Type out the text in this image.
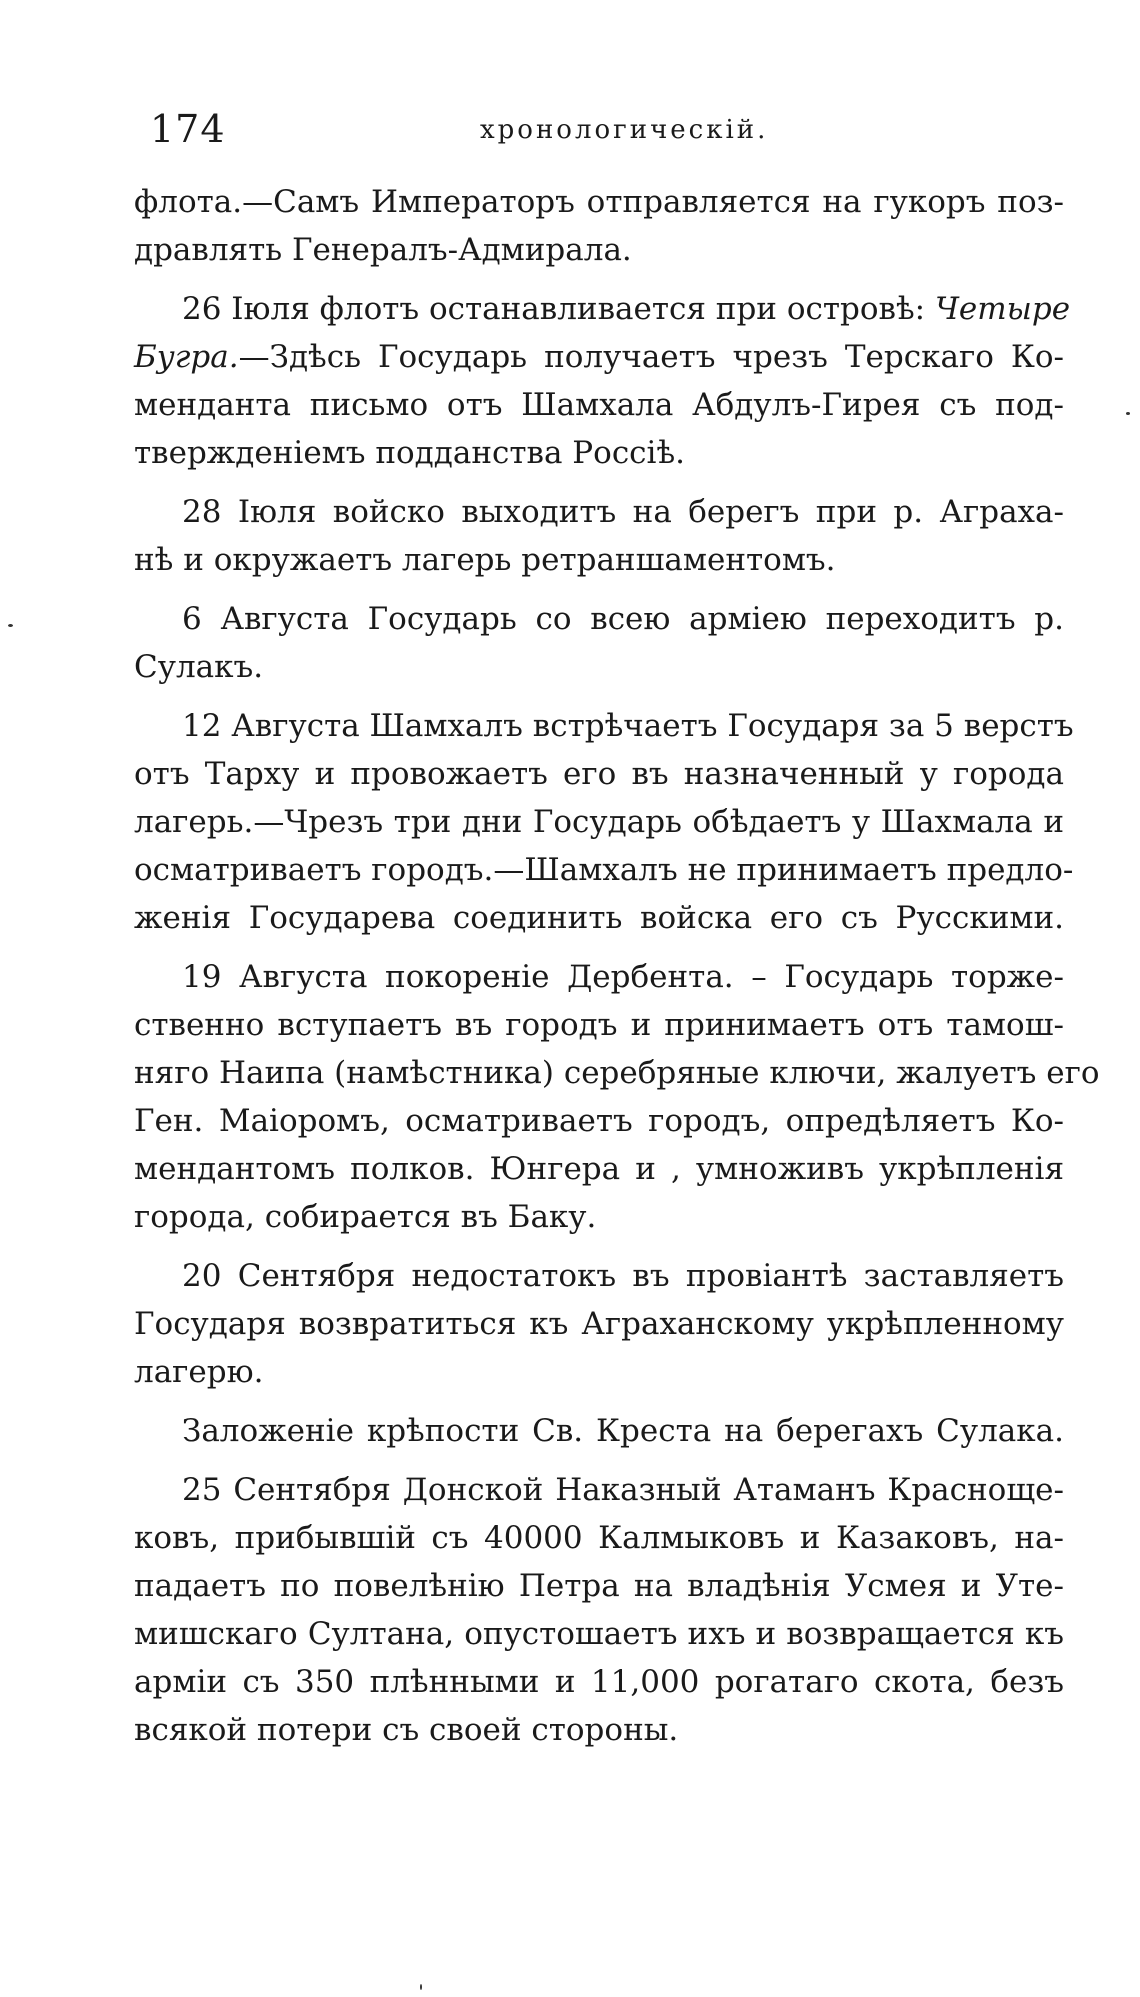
174	хронологическій.
флота.—Самъ Императоръ отправляется на гукоръ поз-
дравлять Генералъ-Адмирала.
26 Іюля флотъ останавливается при островѣ: Четыре
Бугра.—Здѣсь Государь получаетъ чрезъ Терскаго Ко-
менданта письмо отъ Шамхала Абдулъ-Гирея съ под-
твержденіемъ подданства Россіѣ.
28 Іюля войско выходитъ на берегъ при р. Аграха-
нѣ и окружаетъ лагерь ретраншаментомъ.
6 Августа Государь со всею арміею переходитъ р.
Сулакъ.
12 Августа Шамхалъ встрѣчаетъ Государя за 5 верстъ
отъ Тарху и провожаетъ его въ назначенный у города
лагерь.—Чрезъ три дни Государь обѣдаетъ у Шахмала и
осматриваетъ городъ.—Шамхалъ не принимаетъ предло-
женія Государева соединить войска его съ Русскими.
19 Августа покореніе Дербента. – Государь торже-
ственно вступаетъ въ городъ и принимаетъ отъ тамош-
няго Наипа (намѣстника) серебряные ключи, жалуетъ его
Ген. Маіоромъ, осматриваетъ городъ, опредѣляетъ Ко-
мендантомъ полков. Юнгера и , умноживъ укрѣпленія
города, собирается въ Баку.
20 Сентября недостатокъ въ провіантѣ заставляетъ
Государя возвратиться къ Аграханскому укрѣпленному
лагерю.
Заложеніе крѣпости Св. Креста на берегахъ Сулака.
25 Сентября Донской Наказный Атаманъ Краснощe-
ковъ, прибывшій съ 40000 Калмыковъ и Казаковъ, на-
падаетъ по повелѣнію Петра на владѣнія Усмея и Уте-
мишскаго Султана, опустошаетъ ихъ и возвращается къ
арміи съ 350 плѣнными и 11,000 рогатаго скота, безъ
всякой потери съ своей стороны.
